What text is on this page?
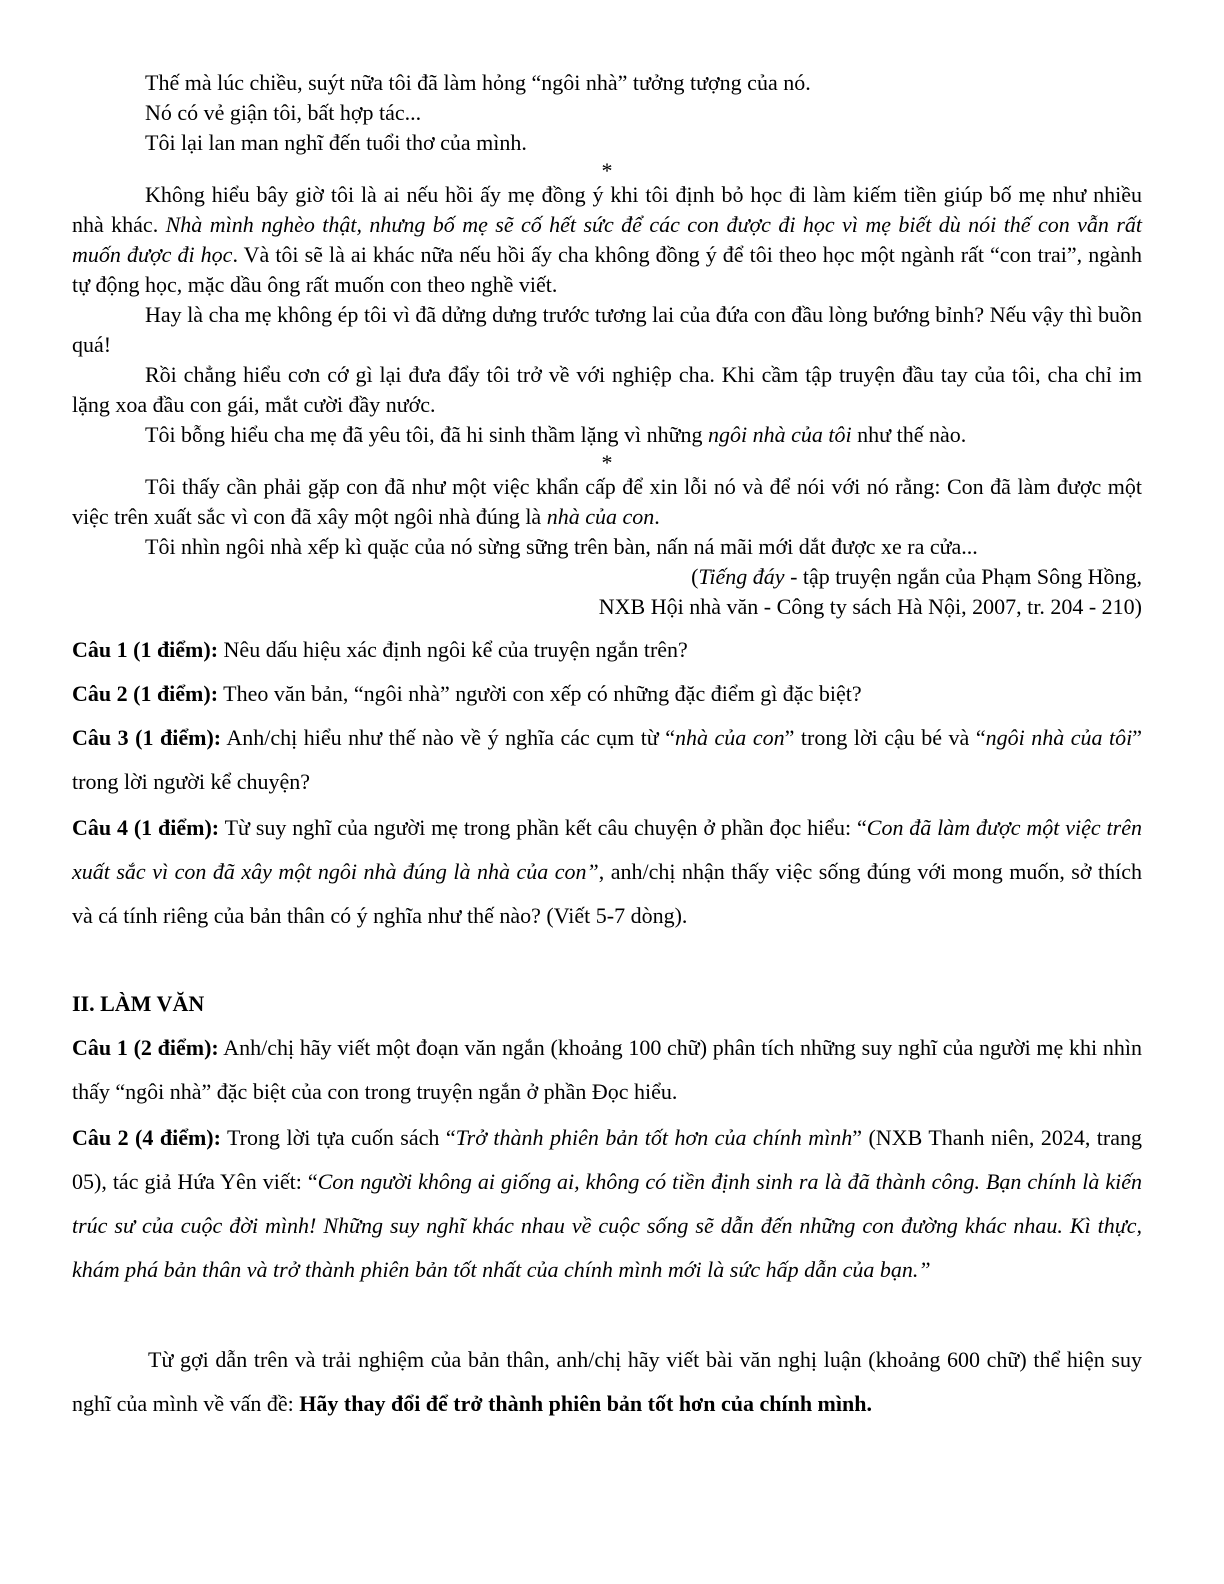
Thế mà lúc chiều, suýt nữa tôi đã làm hỏng “ngôi nhà” tưởng tượng của nó.

Nó có vẻ giận tôi, bất hợp tác...

Tôi lại lan man nghĩ đến tuổi thơ của mình.

*

Không hiểu bây giờ tôi là ai nếu hồi ấy mẹ đồng ý khi tôi định bỏ học đi làm kiếm tiền giúp bố mẹ như nhiều nhà khác. Nhà mình nghèo thật, nhưng bố mẹ sẽ cố hết sức để các con được đi học vì mẹ biết dù nói thế con vẫn rất muốn được đi học. Và tôi sẽ là ai khác nữa nếu hồi ấy cha không đồng ý để tôi theo học một ngành rất “con trai”, ngành tự động học, mặc dầu ông rất muốn con theo nghề viết.

Hay là cha mẹ không ép tôi vì đã dửng dưng trước tương lai của đứa con đầu lòng bướng bỉnh? Nếu vậy thì buồn quá!

Rồi chẳng hiểu cơn cớ gì lại đưa đẩy tôi trở về với nghiệp cha. Khi cầm tập truyện đầu tay của tôi, cha chỉ im lặng xoa đầu con gái, mắt cười đầy nước.

Tôi bỗng hiểu cha mẹ đã yêu tôi, đã hi sinh thầm lặng vì những ngôi nhà của tôi như thế nào.

*

Tôi thấy cần phải gặp con đã như một việc khẩn cấp để xin lỗi nó và để nói với nó rằng: Con đã làm được một việc trên xuất sắc vì con đã xây một ngôi nhà đúng là nhà của con.

Tôi nhìn ngôi nhà xếp kì quặc của nó sừng sững trên bàn, nấn ná mãi mới dắt được xe ra cửa...

(Tiếng đáy - tập truyện ngắn của Phạm Sông Hồng,

NXB Hội nhà văn - Công ty sách Hà Nội, 2007, tr. 204 - 210)

Câu 1 (1 điểm): Nêu dấu hiệu xác định ngôi kể của truyện ngắn trên?

Câu 2 (1 điểm): Theo văn bản, “ngôi nhà” người con xếp có những đặc điểm gì đặc biệt?

Câu 3 (1 điểm): Anh/chị hiểu như thế nào về ý nghĩa các cụm từ “nhà của con” trong lời cậu bé và “ngôi nhà của tôi” trong lời người kể chuyện?

Câu 4 (1 điểm): Từ suy nghĩ của người mẹ trong phần kết câu chuyện ở phần đọc hiểu: “Con đã làm được một việc trên xuất sắc vì con đã xây một ngôi nhà đúng là nhà của con”, anh/chị nhận thấy việc sống đúng với mong muốn, sở thích và cá tính riêng của bản thân có ý nghĩa như thế nào? (Viết 5-7 dòng).

II. LÀM VĂN

Câu 1 (2 điểm): Anh/chị hãy viết một đoạn văn ngắn (khoảng 100 chữ) phân tích những suy nghĩ của người mẹ khi nhìn thấy “ngôi nhà” đặc biệt của con trong truyện ngắn ở phần Đọc hiểu.

Câu 2 (4 điểm): Trong lời tựa cuốn sách “Trở thành phiên bản tốt hơn của chính mình” (NXB Thanh niên, 2024, trang 05), tác giả Hứa Yên viết: “Con người không ai giống ai, không có tiền định sinh ra là đã thành công. Bạn chính là kiến trúc sư của cuộc đời mình! Những suy nghĩ khác nhau về cuộc sống sẽ dẫn đến những con đường khác nhau. Kì thực, khám phá bản thân và trở thành phiên bản tốt nhất của chính mình mới là sức hấp dẫn của bạn.”

Từ gợi dẫn trên và trải nghiệm của bản thân, anh/chị hãy viết bài văn nghị luận (khoảng 600 chữ) thể hiện suy nghĩ của mình về vấn đề: Hãy thay đổi để trở thành phiên bản tốt hơn của chính mình.
